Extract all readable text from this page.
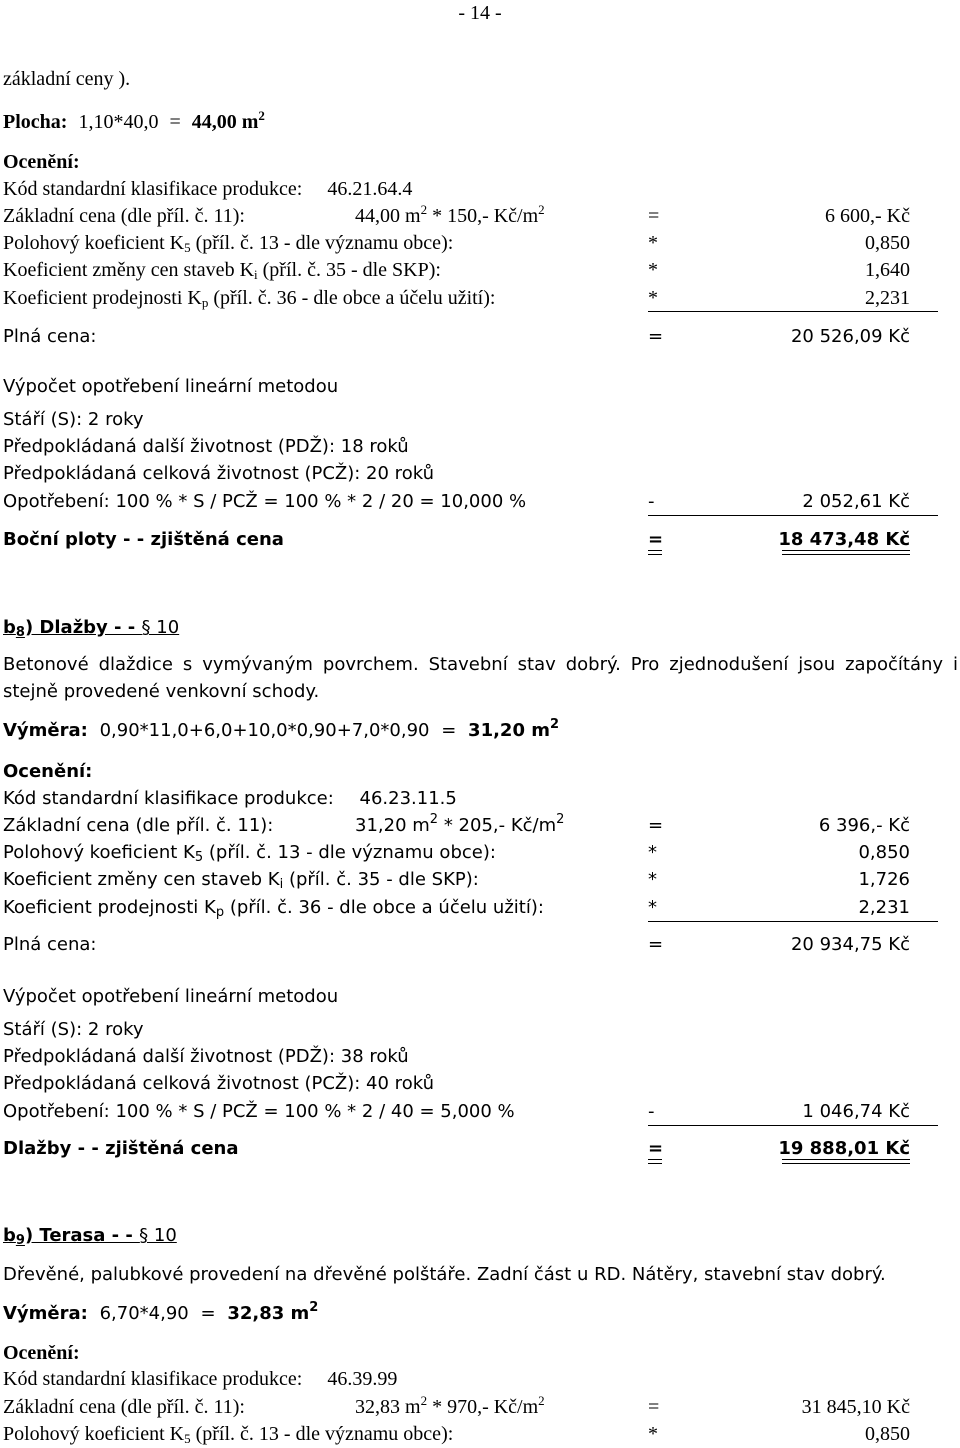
- 14 -
základní ceny ).
Plocha: 1,10*40,0 = 44,00 $m^2$
Ocenění:
Kód standardní klasifikace produkce: 46.21.64.4
Základní cena (dle příl. č. 11):	44,00 $m^2 * 150,-$ $Kč/m^2$	=	6 600,- Kč
Polohový koeficient $K_5$ (příl. č. 13 - dle významu obce):	*	0,850
Koeficient změny cen staveb $K_i$ (příl. č. 35 - dle SKP):	*	1,640
Koeficient prodejnosti $K_p$ (příl. č. 36 - dle obce a účelu užití):	*	2,231
Plná cena:	=	20 526,09 Kč
Výpočet opotřebení lineární metodou
Stáří (S): 2 roky
Předpokládaná další životnost (PDŽ): 18 roků
Předpokládaná celková životnost (PCŽ): 20 roků
Opotřebení: 100 % * S / PCŽ = 100 % * 2 / 20 = 10,000 %	-	2 052,61 Kč
Boční ploty - - zjištěná cena	=	18 473,48 Kč
$b_8$) Dlažby - - § 10
Betonové dlaždice s vymývaným povrchem. Stavební stav dobrý. Pro zjednodušení jsou započítány i stejně provedené venkovní schody.
Výměra: 0,90*11,0+6,0+10,0*0,90+7,0*0,90 = 31,20 $m^2$
Ocenění:
Kód standardní klasifikace produkce: 46.23.11.5
Základní cena (dle příl. č. 11):	31,20 $m^2 * 205,-$ $Kč/m^2$	=	6 396,- Kč
Polohový koeficient $K_5$ (příl. č. 13 - dle významu obce):	*	0,850
Koeficient změny cen staveb $K_i$ (příl. č. 35 - dle SKP):	*	1,726
Koeficient prodejnosti $K_p$ (příl. č. 36 - dle obce a účelu užití):	*	2,231
Plná cena:	=	20 934,75 Kč
Výpočet opotřebení lineární metodou
Stáří (S): 2 roky
Předpokládaná další životnost (PDŽ): 38 roků
Předpokládaná celková životnost (PCŽ): 40 roků
Opotřebení: 100 % * S / PCŽ = 100 % * 2 / 40 = 5,000 %	-	1 046,74 Kč
Dlažby - - zjištěná cena	=	19 888,01 Kč
$b_9$) Terasa - - § 10
Dřevěné, palubkové provedení na dřevěné polštáře. Zadní část u RD. Nátěry, stavební stav dobrý.
Výměra: 6,70*4,90 = 32,83 $m^2$
Ocenění:
Kód standardní klasifikace produkce: 46.39.99
Základní cena (dle příl. č. 11):	32,83 $m^2 * 970,-$ $Kč/m^2$	=	31 845,10 Kč
Polohový koeficient $K_5$ (příl. č. 13 - dle významu obce):	*	0,850
